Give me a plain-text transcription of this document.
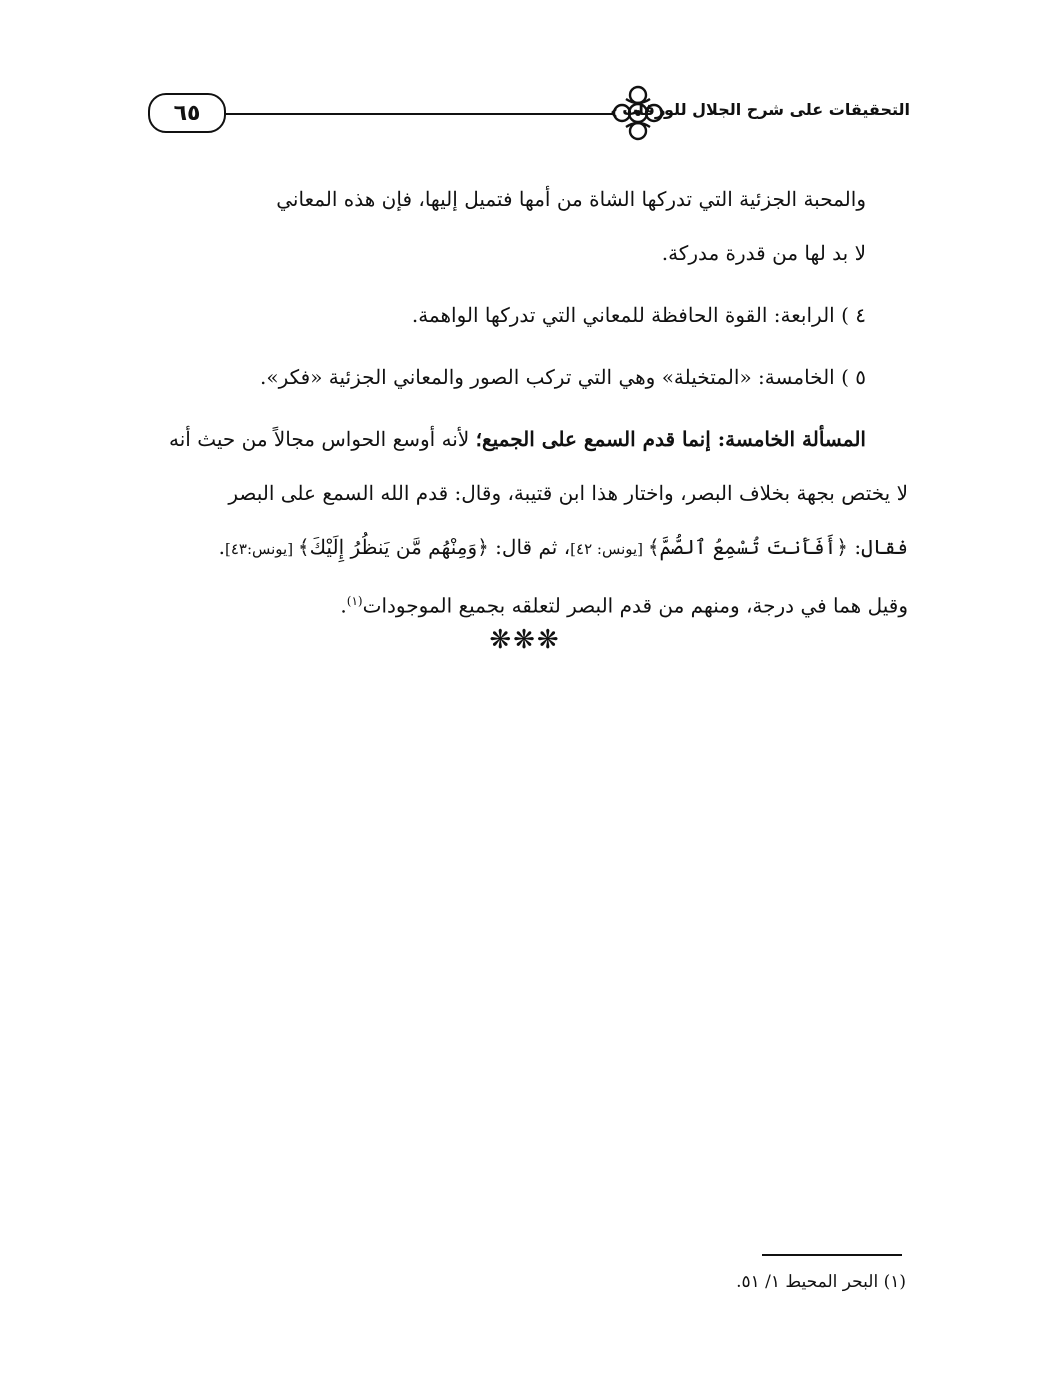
٦٥	التحقيقات على شرح الجلال للورقات
والمحبة الجزئية التي تدركها الشاة من أمها فتميل إليها، فإن هذه المعاني
لا بد لها من قدرة مدركة.
٤ ) الرابعة: القوة الحافظة للمعاني التي تدركها الواهمة.
٥ ) الخامسة: «المتخيلة» وهي التي تركب الصور والمعاني الجزئية «فكر».
المسألة الخامسة: إنما قدم السمع على الجميع؛ لأنه أوسع الحواس مجالاً من حيث أنه
لا يختص بجهة بخلاف البصر، واختار هذا ابن قتيبة، وقال: قدم الله السمع على البصر
فقال: ﴿أَفَأَنتَ تُسْمِعُ ٱلصُّمَّ﴾ [يونس: ٤٢]، ثم قال: ﴿وَمِنْهُم مَّن يَنظُرُ إِلَيْكَ﴾ [يونس:٤٣].
وقيل هما في درجة، ومنهم من قدم البصر لتعلقه بجميع الموجودات$^{(١)}$.
❋❋❋
(١) البحر المحيط ١/ ٥١.
